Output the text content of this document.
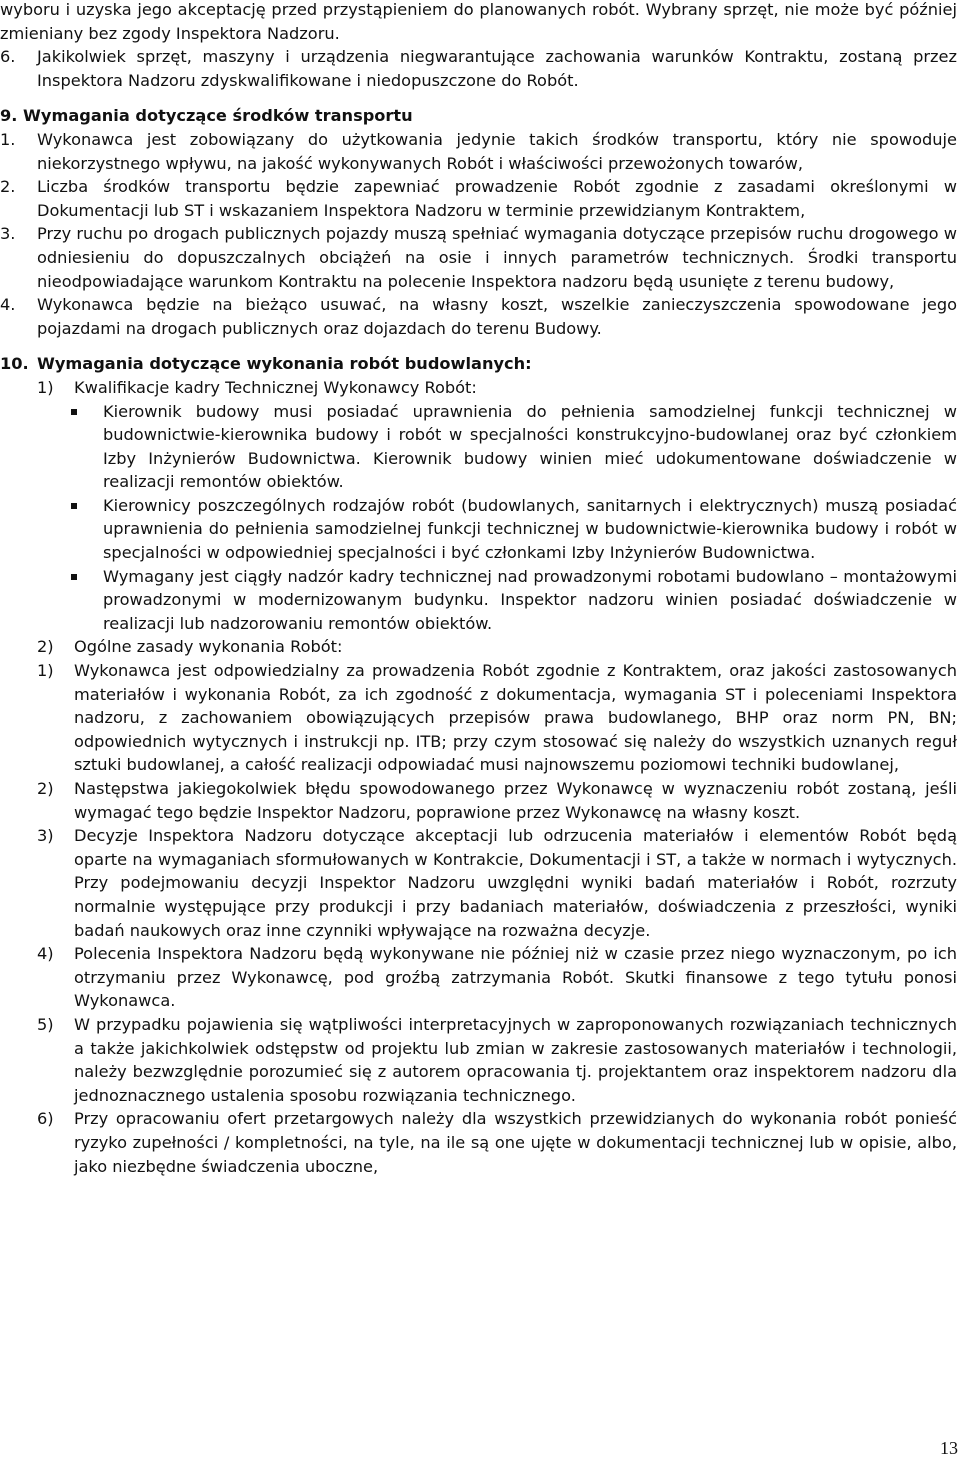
wyboru i uzyska jego akceptację przed przystąpieniem do planowanych robót. Wybrany sprzęt, nie może być później zmieniany bez zgody Inspektora Nadzoru.

6.	Jakikolwiek sprzęt, maszyny i urządzenia niegwarantujące zachowania warunków Kontraktu, zostaną przez Inspektora Nadzoru zdyskwalifikowane i niedopuszczone do Robót.

9. Wymagania dotyczące środków transportu

1.	Wykonawca jest zobowiązany do użytkowania jedynie takich środków transportu, który nie spowoduje niekorzystnego wpływu, na jakość wykonywanych Robót i właściwości przewożonych towarów,
2.	Liczba środków transportu będzie zapewniać prowadzenie Robót zgodnie z zasadami określonymi w Dokumentacji lub ST i wskazaniem Inspektora Nadzoru w terminie przewidzianym Kontraktem,
3.	Przy ruchu po drogach publicznych pojazdy muszą spełniać wymagania dotyczące przepisów ruchu drogowego w odniesieniu do dopuszczalnych obciążeń na osie i innych parametrów technicznych. Środki transportu nieodpowiadające warunkom Kontraktu na polecenie Inspektora nadzoru będą usunięte z terenu budowy,
4.	Wykonawca będzie na bieżąco usuwać, na własny koszt, wszelkie zanieczyszczenia spowodowane jego pojazdami na drogach publicznych oraz dojazdach do terenu Budowy.
10. Wymagania dotyczące wykonania robót budowlanych:
1)	Kwalifikacje kadry Technicznej Wykonawcy Robót:
Kierownik budowy musi posiadać uprawnienia do pełnienia samodzielnej funkcji technicznej w budownictwie-kierownika budowy i robót w specjalności konstrukcyjno-budowlanej oraz być członkiem Izby Inżynierów Budownictwa. Kierownik budowy winien mieć udokumentowane doświadczenie w realizacji remontów obiektów.
Kierownicy poszczególnych rodzajów robót (budowlanych, sanitarnych i elektrycznych) muszą posiadać uprawnienia do pełnienia samodzielnej funkcji technicznej w budownictwie-kierownika budowy i robót w specjalności w odpowiedniej specjalności i być członkami Izby Inżynierów Budownictwa.
Wymagany jest ciągły nadzór kadry technicznej nad prowadzonymi robotami budowlano – montażowymi prowadzonymi w modernizowanym budynku. Inspektor nadzoru winien posiadać doświadczenie w realizacji lub nadzorowaniu remontów obiektów.
2)	Ogólne zasady wykonania Robót:
1)	Wykonawca jest odpowiedzialny za prowadzenia Robót zgodnie z Kontraktem, oraz jakości zastosowanych materiałów i wykonania Robót, za ich zgodność z dokumentacja, wymagania ST i poleceniami Inspektora nadzoru, z zachowaniem obowiązujących przepisów prawa budowlanego, BHP oraz norm PN, BN; odpowiednich wytycznych i instrukcji np. ITB; przy czym stosować się należy do wszystkich uznanych reguł sztuki budowlanej, a całość realizacji odpowiadać musi najnowszemu poziomowi techniki budowlanej,
2)	Następstwa jakiegokolwiek błędu spowodowanego przez Wykonawcę w wyznaczeniu robót zostaną, jeśli wymagać tego będzie Inspektor Nadzoru, poprawione przez Wykonawcę na własny koszt.
3)	Decyzje Inspektora Nadzoru dotyczące akceptacji lub odrzucenia materiałów i elementów Robót będą oparte na wymaganiach sformułowanych w Kontrakcie, Dokumentacji i ST, a także w normach i wytycznych. Przy podejmowaniu decyzji Inspektor Nadzoru uwzględni wyniki badań materiałów i Robót, rozrzuty normalnie występujące przy produkcji i przy badaniach materiałów, doświadczenia z przeszłości, wyniki badań naukowych oraz inne czynniki wpływające na rozważna decyzje.
4)	Polecenia Inspektora Nadzoru będą wykonywane nie później niż w czasie przez niego wyznaczonym, po ich otrzymaniu przez Wykonawcę, pod groźbą zatrzymania Robót. Skutki finansowe z tego tytułu ponosi Wykonawca.
5)	W przypadku pojawienia się wątpliwości interpretacyjnych w zaproponowanych rozwiązaniach technicznych a także jakichkolwiek odstępstw od projektu lub zmian w zakresie zastosowanych materiałów i technologii, należy bezwzględnie porozumieć się z autorem opracowania tj. projektantem oraz inspektorem nadzoru dla jednoznacznego ustalenia sposobu rozwiązania technicznego.
6)	Przy opracowaniu ofert przetargowych należy dla wszystkich przewidzianych do wykonania robót ponieść ryzyko zupełności / kompletności, na tyle, na ile są one ujęte w dokumentacji technicznej lub w opisie, albo, jako niezbędne świadczenia uboczne,
13
